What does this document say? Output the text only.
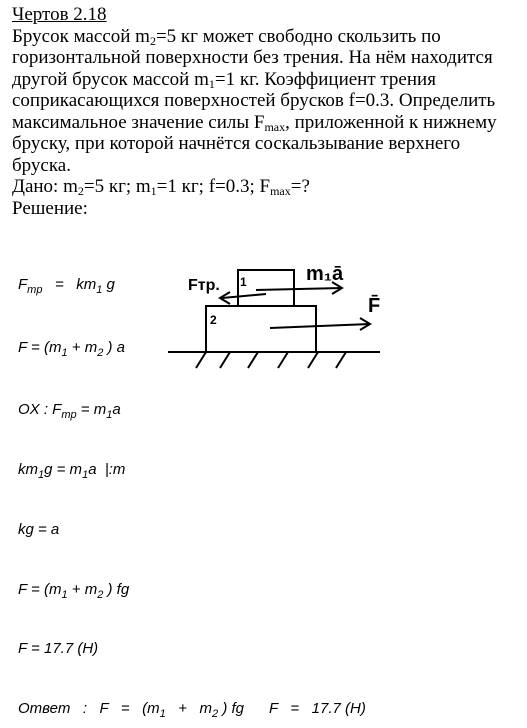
Чертов 2.18

Брусок массой $m_2=5$ кг может свободно скользить по горизонтальной поверхности без трения. На нём находится другой брусок массой $m_1=1$ кг. Коэффициент трения соприкасающихся поверхностей брусков f=0.3. Определить максимальное значение силы $F_{max}$, приложенной к нижнему бруску, при которой начнётся соскальзывание верхнего бруска.

Дано: $m_2=5$ кг; $m_1=1$ кг; f=0.3; $F_{max}=$?

Решение:

Fтр. 1
2
m₁ā
F̄
$F_{mp} = km_1$ g
$F = (m_1 + m_2$ ) a
OX : $F_{mp} = m_1a$
$km_1g = m_1a$  |:m
kg = a
$F = (m_1 + m_2$ ) fg
F = 17.7 (H)
Ответ   :   $F = (m_1 + m_2$ ) fg      F   =   17.7 (H)
